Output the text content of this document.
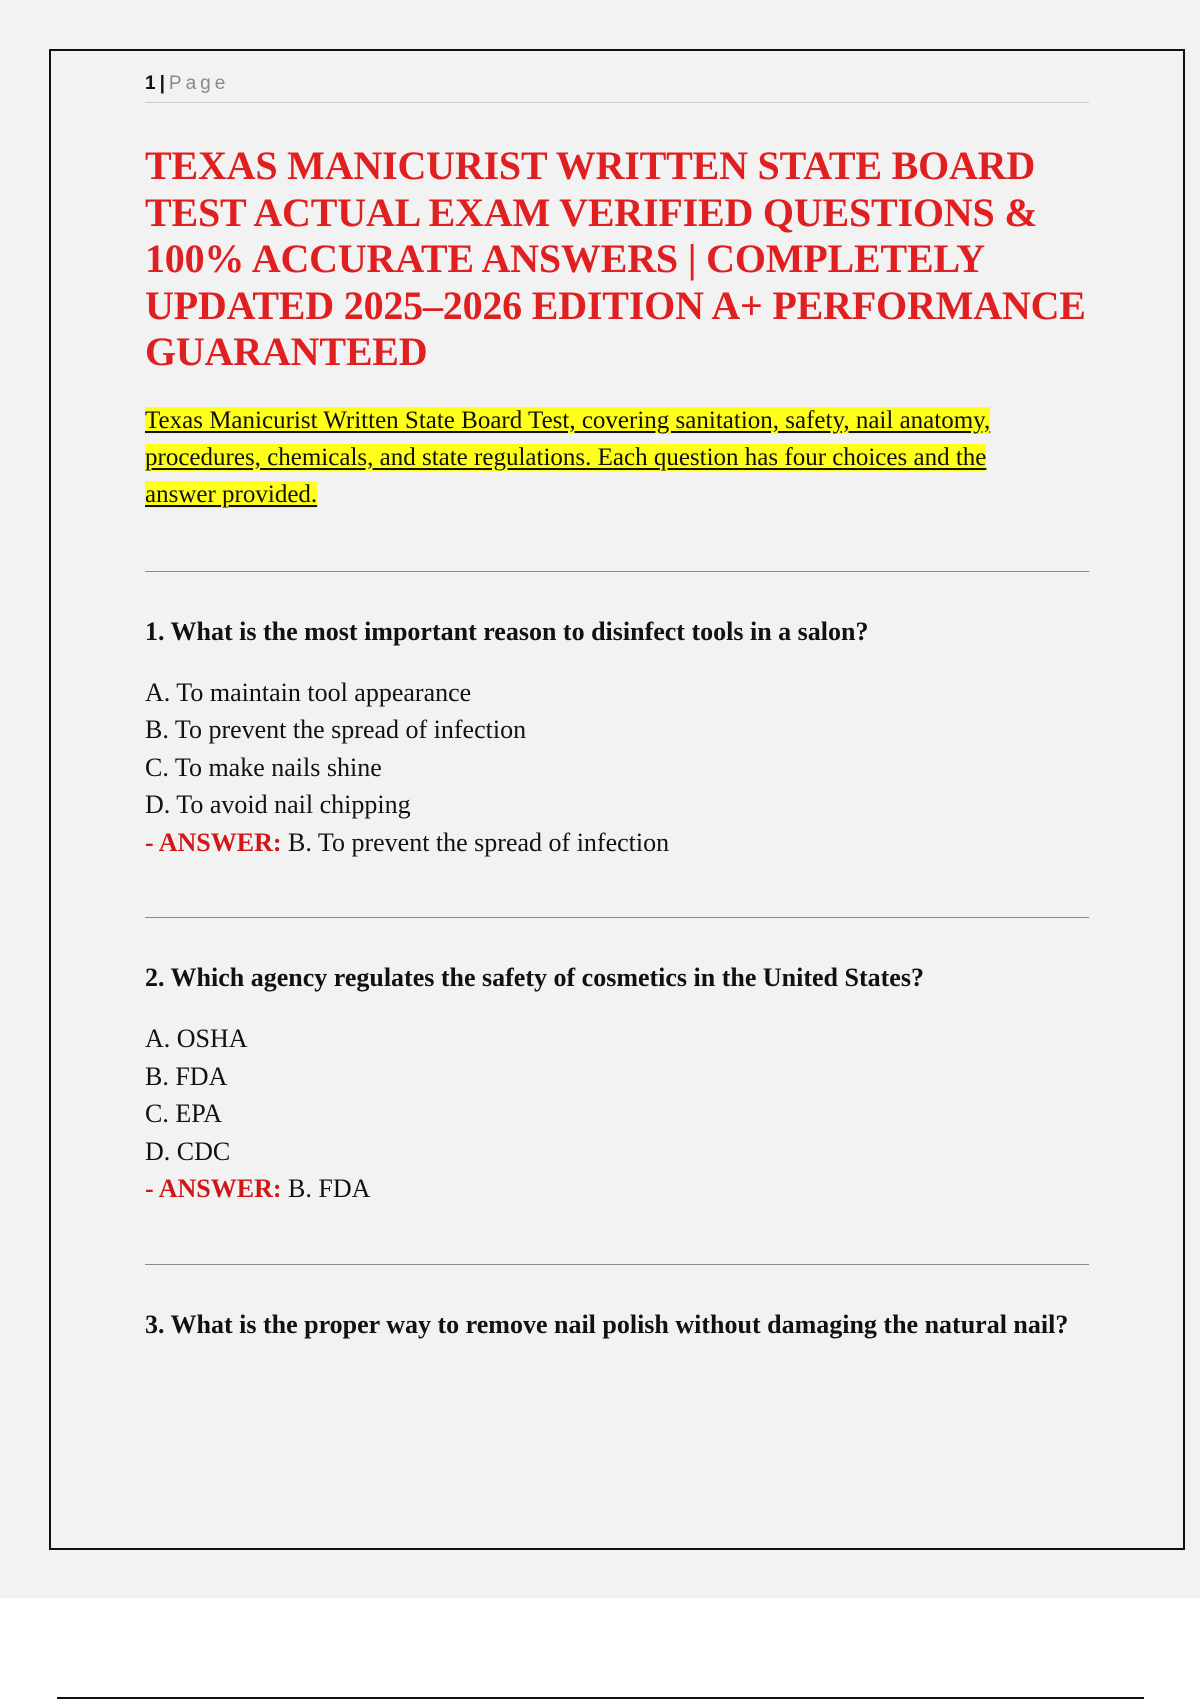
1 | Page
TEXAS MANICURIST WRITTEN STATE BOARD TEST ACTUAL EXAM VERIFIED QUESTIONS & 100% ACCURATE ANSWERS | COMPLETELY UPDATED 2025–2026 EDITION A+ PERFORMANCE GUARANTEED
Texas Manicurist Written State Board Test, covering sanitation, safety, nail anatomy, procedures, chemicals, and state regulations. Each question has four choices and the answer provided.
1. What is the most important reason to disinfect tools in a salon?
A. To maintain tool appearance
B. To prevent the spread of infection
C. To make nails shine
D. To avoid nail chipping
- ANSWER: B. To prevent the spread of infection
2. Which agency regulates the safety of cosmetics in the United States?
A. OSHA
B. FDA
C. EPA
D. CDC
- ANSWER: B. FDA
3. What is the proper way to remove nail polish without damaging the natural nail?
